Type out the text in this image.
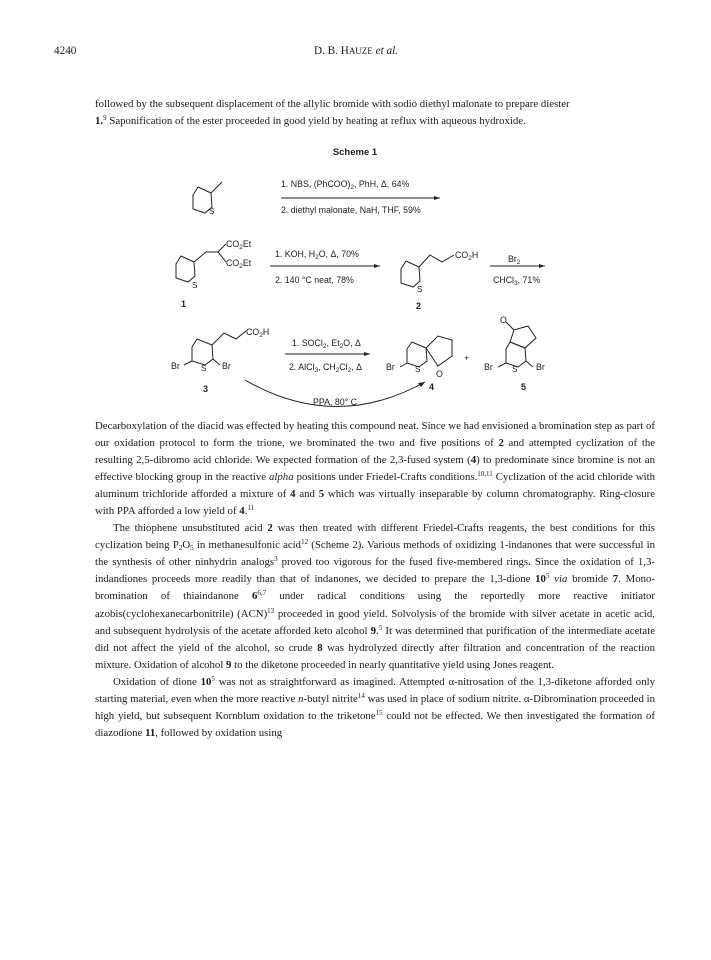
4240	D. B. HAUZE et al.

followed by the subsequent displacement of the allylic bromide with sodio diethyl malonate to prepare diester

1.$^9$ Saponification of the ester proceeded in good yield by heating at reflux with aqueous hydroxide.

Scheme 1
S
1. NBS, $(PhCOO)_2$, PhH, Δ, 64%
2. diethyl malonate, NaH, THF, 59%
$CO_2Et$
$CO_2Et$
S
1
1. KOH, $H_2O$, Δ, 70%
2. 140 °C neat, 78%
$CO_2H$
S
2
$Br_2$
CHCl$_3$, 71%
$CO_2H$
Br	S Br
3
1. SOCl$_2$, $Et_2O$, Δ
2. AlCl$_3$, $CH_2Cl_2$, Δ	Br	S O
4
+
O
Br S Br
5
PPA, 80° C

Decarboxylation of the diacid was effected by heating this compound neat. Since we had envisioned a bromination step as part of our oxidation protocol to form the trione, we brominated the two and five positions of 2 and attempted cyclization of the resulting 2,5-dibromo acid chloride. We expected formation of the 2,3-fused system (4) to predominate since bromine is not an effective blocking group in the reactive alpha positions under Friedel-Crafts conditions.$^{10,11}$ Cyclization of the acid chloride with aluminum trichloride afforded a mixture of 4 and 5 which was virtually inseparable by column chromatography. Ring-closure with PPA afforded a low yield of 4.11

The thiophene unsubstituted acid 2 was then treated with different Friedel-Crafts reagents, the best conditions for this cyclization being $P_2O_5$ in methanesulfonic acid$^{12}$ (Scheme 2). Various methods of oxidizing 1-indanones that were successful in the synthesis of other ninhydrin analogs$^3$ proved too vigorous for the fused five-membered rings. Since the oxidation of 1,3-indandiones proceeds more readily than that of indanones, we decided to prepare the 1,3-dione $10^5$ via bromide 7. Mono-bromination of thiaindanone 6$^{6,7}$ under radical conditions using the reportedly more reactive initiator azobis(cyclohexanecarbonitrile) (ACN)$^{13}$ proceeded in good yield. Solvolysis of the bromide with silver acetate in acetic acid, and subsequent hydrolysis of the acetate afforded keto alcohol 9.$^5$ It was determined that purification of the intermediate acetate did not affect the yield of the alcohol, so crude 8 was hydrolyzed directly after filtration and concentration of the reaction mixture. Oxidation of alcohol 9 to the diketone proceeded in nearly quantitative yield using Jones reagent.

Oxidation of dione $10^5$ was not as straightforward as imagined. Attempted α-nitrosation of the 1,3-diketone afforded only starting material, even when the more reactive n-butyl nitrite$^{14}$ was used in place of sodium nitrite. α-Dibromination proceeded in high yield, but subsequent Kornblum oxidation to the triketone$^{15}$ could not be effected. We then investigated the formation of diazodione 11, followed by oxidation using
